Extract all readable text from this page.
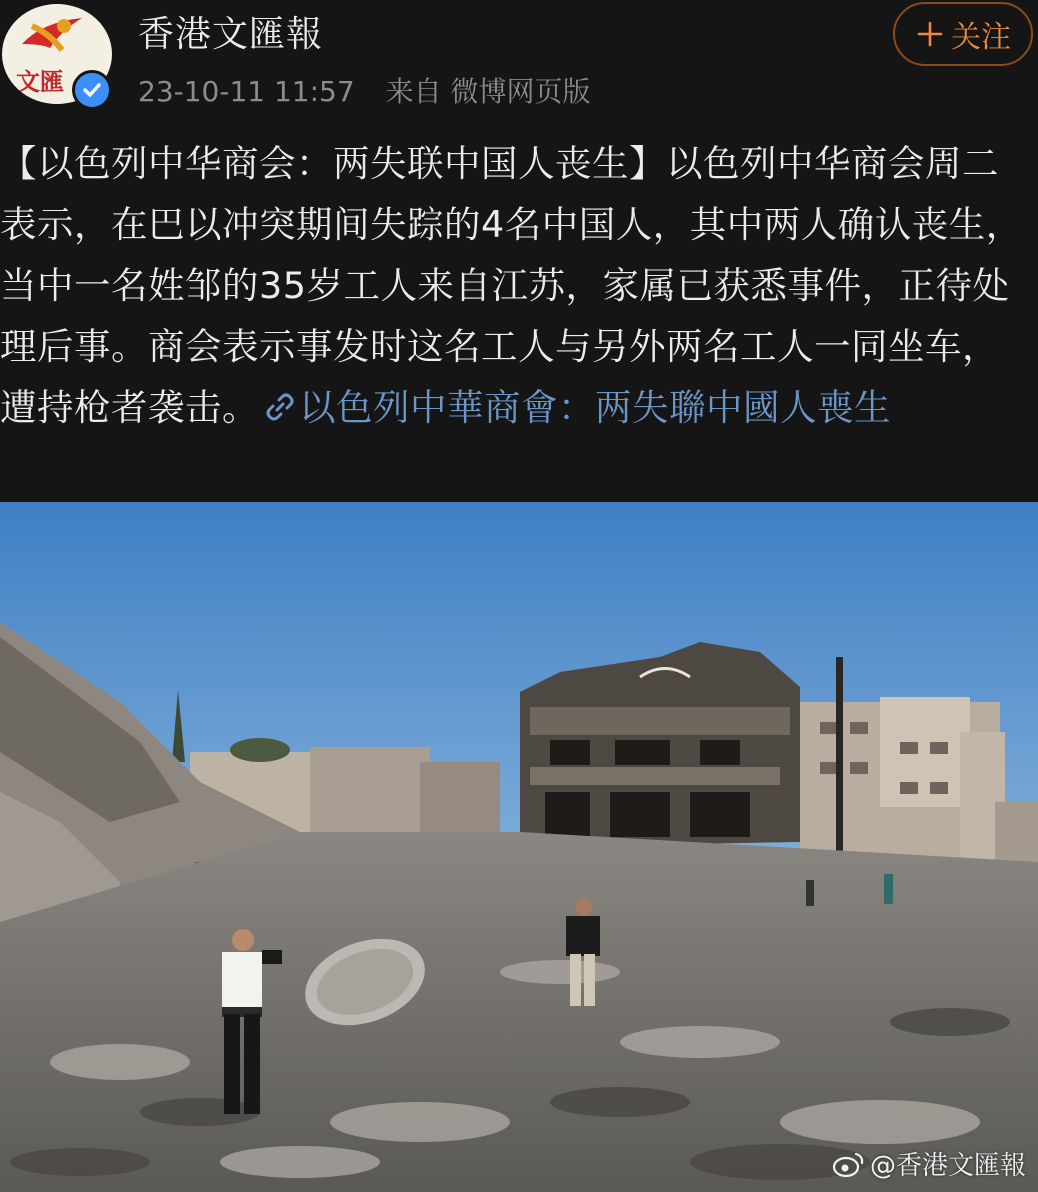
文匯
香港文匯報
23-10-11 11:57 来自 微博网页版
关注

【以色列中华商会：两失联中国人丧生】以色列中华商会周二表示，在巴以冲突期间失踪的4名中国人，其中两人确认丧生，当中一名姓邹的35岁工人来自江苏，家属已获悉事件，正待处理后事。商会表示事发时这名工人与另外两名工人一同坐车，遭持枪者袭击。 以色列中華商會：两失聯中國人喪生

@香港文匯報
